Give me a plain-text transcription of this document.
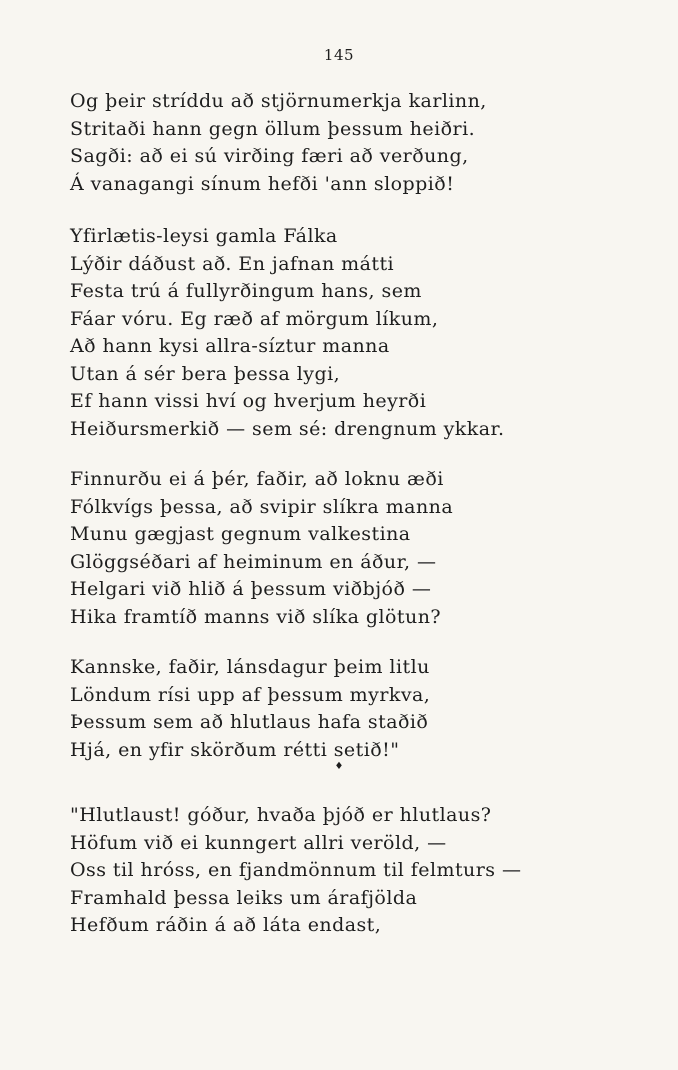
145
Og þeir stríddu að stjörnumerkja karlinn,
Stritaði hann gegn öllum þessum heiðri.
Sagði: að ei sú virðing færi að verðung,
Á vanagangi sínum hefði 'ann sloppið!
Yfirlætis-leysi gamla Fálka
Lýðir dáðust að. En jafnan mátti
Festa trú á fullyrðingum hans, sem
Fáar vóru. Eg ræð af mörgum líkum,
Að hann kysi allra-síztur manna
Utan á sér bera þessa lygi,
Ef hann vissi hví og hverjum heyrði
Heiðursmerkið — sem sé: drengnum ykkar.
Finnurðu ei á þér, faðir, að loknu æði
Fólkvígs þessa, að svipir slíkra manna
Munu gægjast gegnum valkestina
Glöggséðari af heiminum en áður, —
Helgari við hlið á þessum viðbjóð —
Hika framtíð manns við slíka glötun?
Kannske, faðir, lánsdagur þeim litlu
Löndum rísi upp af þessum myrkva,
Þessum sem að hlutlaus hafa staðið
Hjá, en yfir skörðum rétti setið!"
♦
"Hlutlaust! góður, hvaða þjóð er hlutlaus?
Höfum við ei kunngert allri veröld, —
Oss til hróss, en fjandmönnum til felmturs —
Framhald þessa leiks um árafjölda
Hefðum ráðin á að láta endast,
